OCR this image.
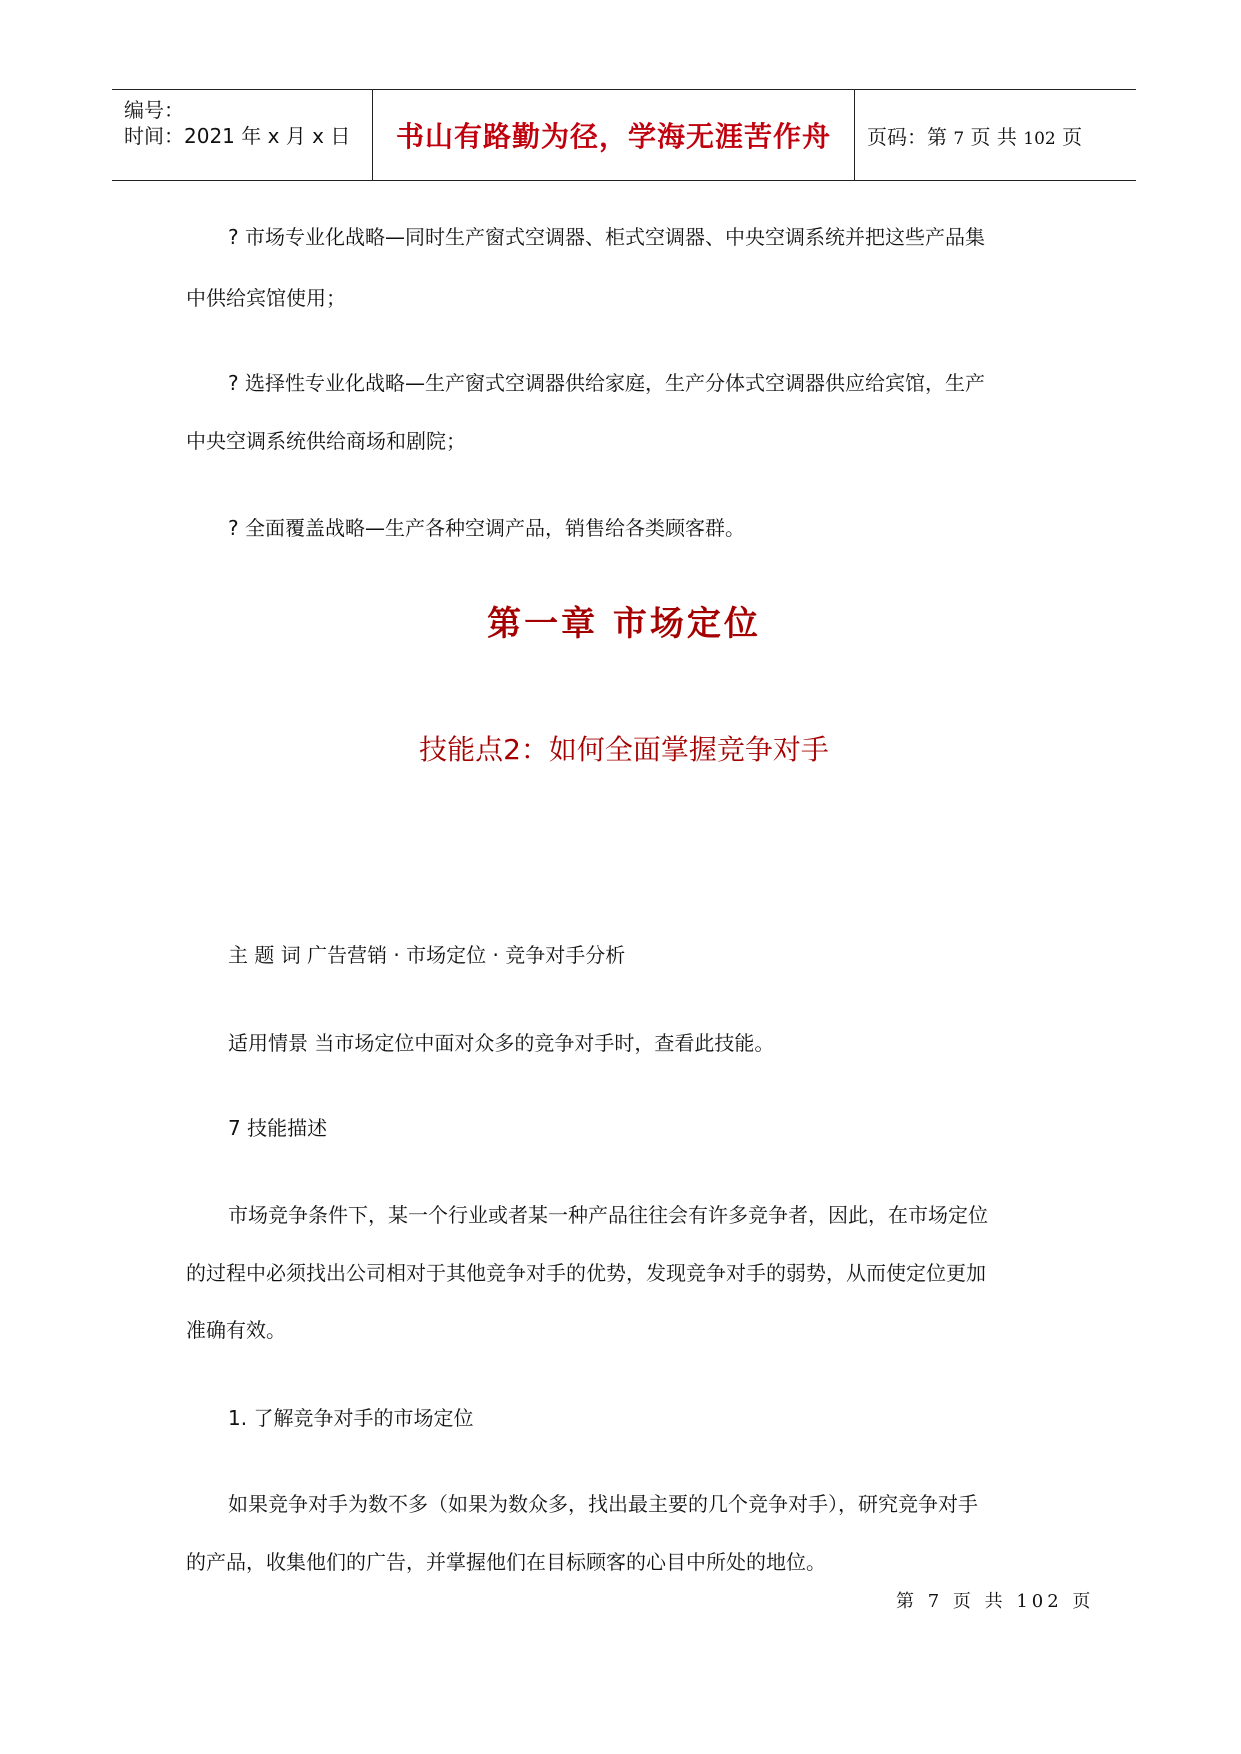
编号：
时间：2021 年 x 月 x 日 书山有路勤为径，学海无涯苦作舟 页码：第 7 页 共 102 页
? 市场专业化战略—同时生产窗式空调器、柜式空调器、中央空调系统并把这些产品集
中供给宾馆使用；
? 选择性专业化战略—生产窗式空调器供给家庭，生产分体式空调器供应给宾馆，生产
中央空调系统供给商场和剧院；
? 全面覆盖战略—生产各种空调产品，销售给各类顾客群。
第一章 市场定位
技能点2：如何全面掌握竞争对手
主 题 词 广告营销 · 市场定位 · 竞争对手分析
适用情景 当市场定位中面对众多的竞争对手时，查看此技能。
7 技能描述
市场竞争条件下，某一个行业或者某一种产品往往会有许多竞争者，因此，在市场定位
的过程中必须找出公司相对于其他竞争对手的优势，发现竞争对手的弱势，从而使定位更加
准确有效。
1. 了解竞争对手的市场定位
如果竞争对手为数不多（如果为数众多，找出最主要的几个竞争对手），研究竞争对手
的产品，收集他们的广告，并掌握他们在目标顾客的心目中所处的地位。
第 7 页 共 102 页
